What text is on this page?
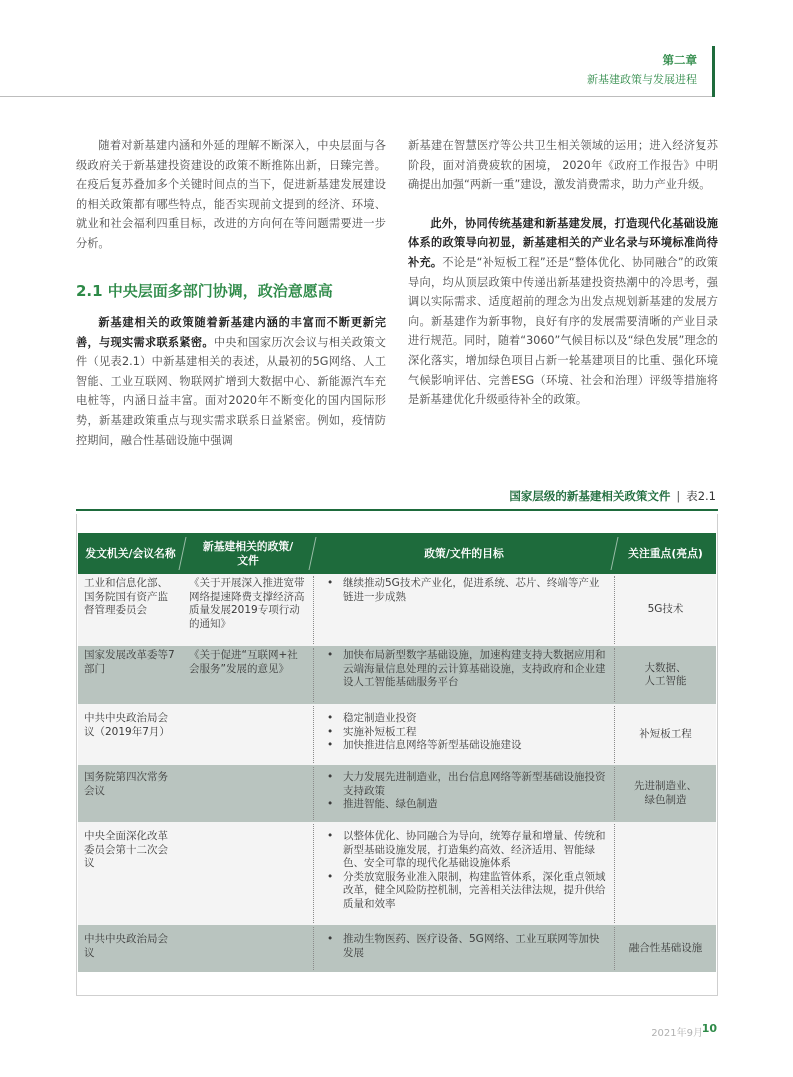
第二章
新基建政策与发展进程

随着对新基建内涵和外延的理解不断深入，中央层面与各级政府关于新基建投资建设的政策不断推陈出新，日臻完善。在疫后复苏叠加多个关键时间点的当下，促进新基建发展建设的相关政策都有哪些特点，能否实现前文提到的经济、环境、就业和社会福利四重目标，改进的方向何在等问题需要进一步分析。

2.1 中央层面多部门协调，政治意愿高

新基建相关的政策随着新基建内涵的丰富而不断更新完善，与现实需求联系紧密。中央和国家历次会议与相关政策文件（见表2.1）中新基建相关的表述，从最初的5G网络、人工智能、工业互联网、物联网扩增到大数据中心、新能源汽车充电桩等，内涵日益丰富。面对2020年不断变化的国内国际形势，新基建政策重点与现实需求联系日益紧密。例如，疫情防控期间，融合性基础设施中强调

新基建在智慧医疗等公共卫生相关领域的运用；进入经济复苏阶段，面对消费疲软的困境， 2020年《政府工作报告》中明确提出加强“两新一重”建设，激发消费需求，助力产业升级。

此外，协同传统基建和新基建发展，打造现代化基础设施体系的政策导向初显，新基建相关的产业名录与环境标准尚待补充。不论是“补短板工程”还是“整体优化、协同融合”的政策导向，均从顶层政策中传递出新基建投资热潮中的冷思考，强调以实际需求、适度超前的理念为出发点规划新基建的发展方向。新基建作为新事物，良好有序的发展需要清晰的产业目录进行规范。同时，随着“3060”气候目标以及“绿色发展”理念的深化落实，增加绿色项目占新一轮基建项目的比重、强化环境气候影响评估、完善ESG（环境、社会和治理）评级等措施将是新基建优化升级亟待补全的政策。

国家层级的新基建相关政策文件 | 表2.1
发文机关/会议名称
新基建相关的政策/文件
政策/文件的目标	关注重点(亮点)
工业和信息化部、国务院国有资产监督管理委员会
《关于开展深入推进宽带网络提速降费支撑经济高质量发展2019专项行动的通知》
• 继续推动5G技术产业化，促进系统、芯片、终端等产业链进一步成熟
5G技术
国家发展改革委等7部门
《关于促进“互联网+社会服务”发展的意见》
• 加快布局新型数字基础设施，加速构建支持大数据应用和云端海量信息处理的云计算基础设施，支持政府和企业建设人工智能基础服务平台
大数据、
人工智能
中共中央政治局会议（2019年7月）
• 稳定制造业投资
• 实施补短板工程
• 加快推进信息网络等新型基础设施建设
补短板工程
国务院第四次常务会议
• 大力发展先进制造业，出台信息网络等新型基础设施投资支持政策
• 推进智能、绿色制造
先进制造业、
绿色制造
中央全面深化改革委员会第十二次会议
• 以整体优化、协同融合为导向，统筹存量和增量、传统和新型基础设施发展，打造集约高效、经济适用、智能绿色、安全可靠的现代化基础设施体系
• 分类放宽服务业准入限制，构建监管体系，深化重点领域改革，健全风险防控机制，完善相关法律法规，提升供给质量和效率
中共中央政治局会议
• 推动生物医药、医疗设备、5G网络、工业互联网等加快发展	融合性基础设施
2021年9月
10
